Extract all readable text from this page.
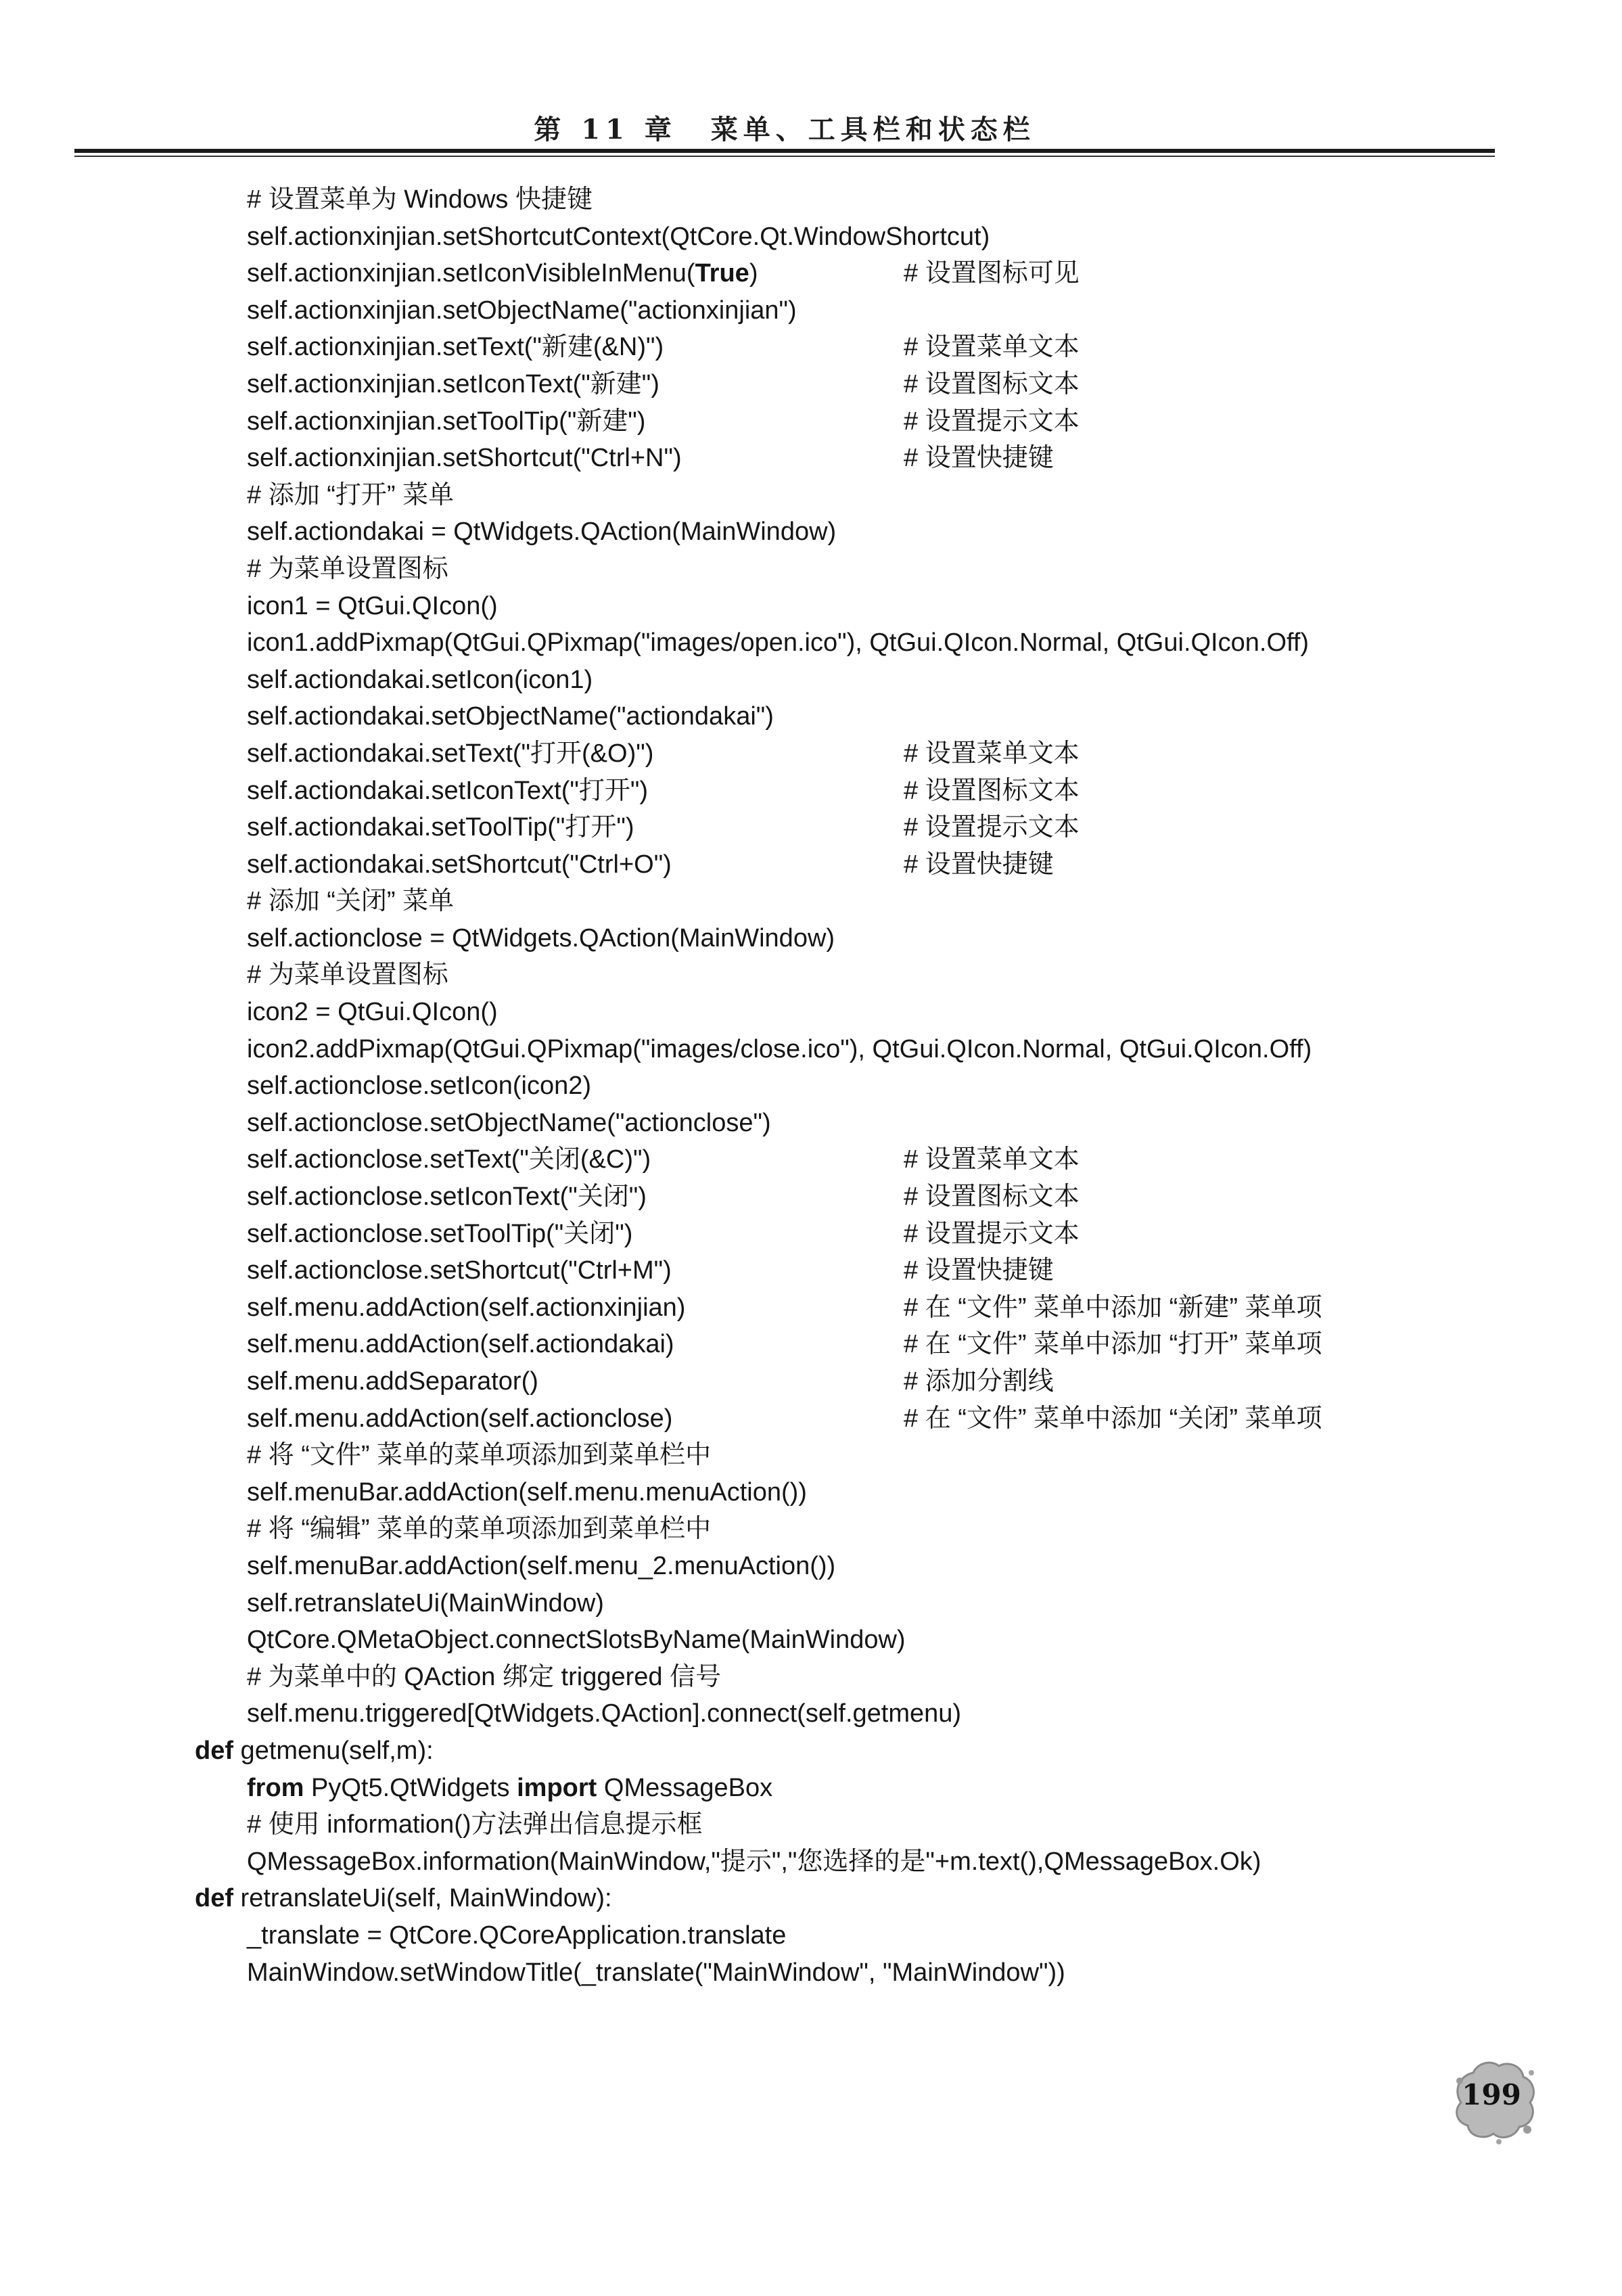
第 11 章 菜单、工具栏和状态栏
# 设置菜单为 Windows 快捷键
self.actionxinjian.setShortcutContext(QtCore.Qt.WindowShortcut)
self.actionxinjian.setIconVisibleInMenu(True)	# 设置图标可见
self.actionxinjian.setObjectName("actionxinjian")
self.actionxinjian.setText("新建(&N)")	# 设置菜单文本
self.actionxinjian.setIconText("新建")	# 设置图标文本
self.actionxinjian.setToolTip("新建")	# 设置提示文本
self.actionxinjian.setShortcut("Ctrl+N")	# 设置快捷键
# 添加 “打开” 菜单
self.actiondakai = QtWidgets.QAction(MainWindow)
# 为菜单设置图标
icon1 = QtGui.QIcon()
icon1.addPixmap(QtGui.QPixmap("images/open.ico"), QtGui.QIcon.Normal, QtGui.QIcon.Off)
self.actiondakai.setIcon(icon1)
self.actiondakai.setObjectName("actiondakai")
self.actiondakai.setText("打开(&O)")	# 设置菜单文本
self.actiondakai.setIconText("打开")	# 设置图标文本
self.actiondakai.setToolTip("打开")	# 设置提示文本
self.actiondakai.setShortcut("Ctrl+O")	# 设置快捷键
# 添加 “关闭” 菜单
self.actionclose = QtWidgets.QAction(MainWindow)
# 为菜单设置图标
icon2 = QtGui.QIcon()
icon2.addPixmap(QtGui.QPixmap("images/close.ico"), QtGui.QIcon.Normal, QtGui.QIcon.Off)
self.actionclose.setIcon(icon2)
self.actionclose.setObjectName("actionclose")
self.actionclose.setText("关闭(&C)")	# 设置菜单文本
self.actionclose.setIconText("关闭")	# 设置图标文本
self.actionclose.setToolTip("关闭")	# 设置提示文本
self.actionclose.setShortcut("Ctrl+M")	# 设置快捷键
self.menu.addAction(self.actionxinjian)	# 在 “文件” 菜单中添加 “新建” 菜单项
self.menu.addAction(self.actiondakai)	# 在 “文件” 菜单中添加 “打开” 菜单项
self.menu.addSeparator()	# 添加分割线
self.menu.addAction(self.actionclose)	# 在 “文件” 菜单中添加 “关闭” 菜单项
# 将 “文件” 菜单的菜单项添加到菜单栏中
self.menuBar.addAction(self.menu.menuAction())
# 将 “编辑” 菜单的菜单项添加到菜单栏中
self.menuBar.addAction(self.menu_2.menuAction())
self.retranslateUi(MainWindow)
QtCore.QMetaObject.connectSlotsByName(MainWindow)
# 为菜单中的 QAction 绑定 triggered 信号
self.menu.triggered[QtWidgets.QAction].connect(self.getmenu)
def getmenu(self,m):
from PyQt5.QtWidgets import QMessageBox
# 使用 information()方法弹出信息提示框
QMessageBox.information(MainWindow,"提示","您选择的是"+m.text(),QMessageBox.Ok)
def retranslateUi(self, MainWindow):
_translate = QtCore.QCoreApplication.translate
MainWindow.setWindowTitle(_translate("MainWindow", "MainWindow"))
199
